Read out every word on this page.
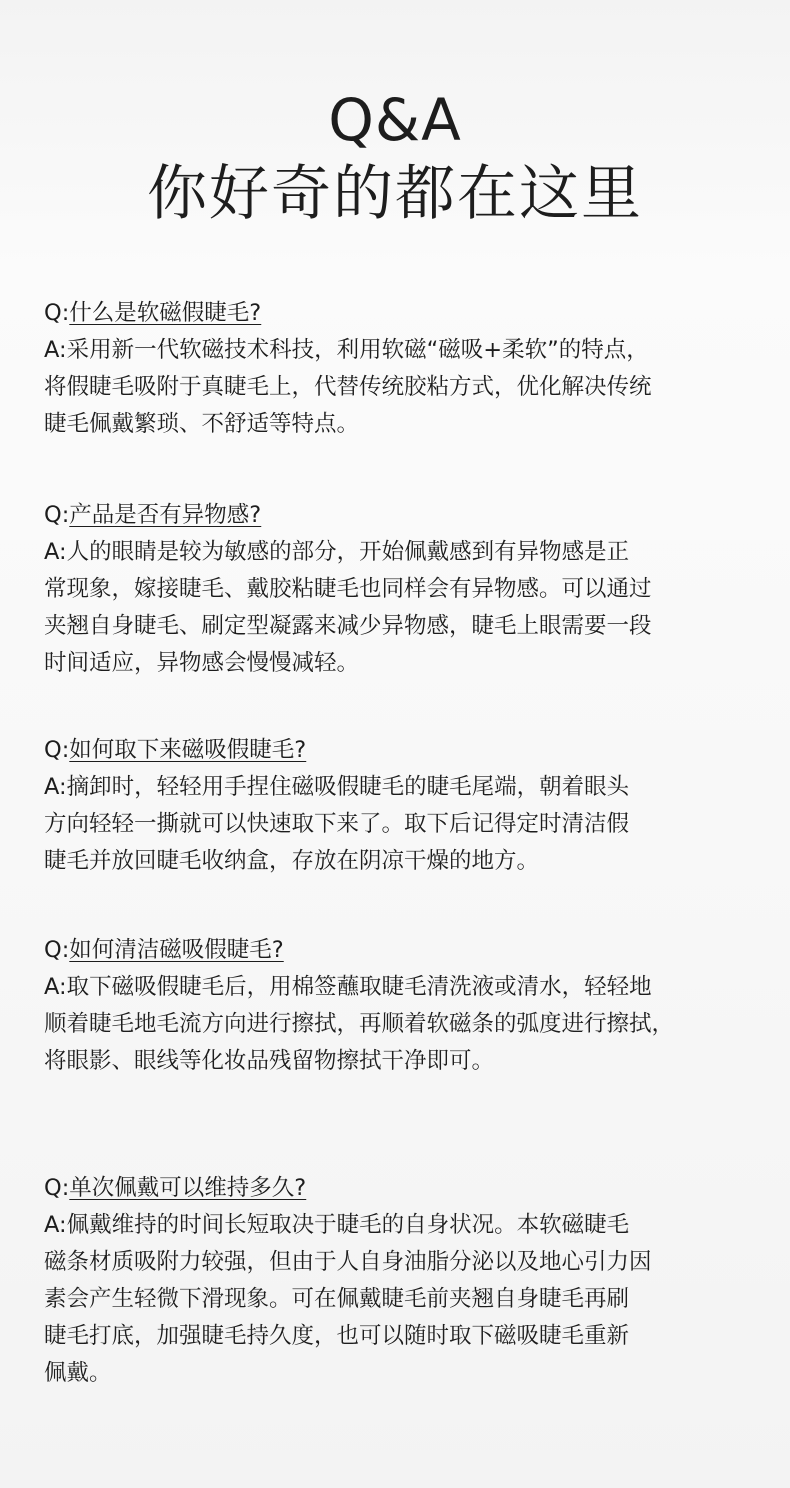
Q&A
你好奇的都在这里
Q:什么是软磁假睫毛?
A:采用新一代软磁技术科技，利用软磁“磁吸+柔软”的特点，
将假睫毛吸附于真睫毛上，代替传统胶粘方式，优化解决传统
睫毛佩戴繁琐、不舒适等特点。
Q:产品是否有异物感?
A:人的眼睛是较为敏感的部分，开始佩戴感到有异物感是正
常现象，嫁接睫毛、戴胶粘睫毛也同样会有异物感。可以通过
夹翘自身睫毛、刷定型凝露来减少异物感，睫毛上眼需要一段
时间适应，异物感会慢慢减轻。
Q:如何取下来磁吸假睫毛?
A:摘卸时，轻轻用手捏住磁吸假睫毛的睫毛尾端，朝着眼头
方向轻轻一撕就可以快速取下来了。取下后记得定时清洁假
睫毛并放回睫毛收纳盒，存放在阴凉干燥的地方。
Q:如何清洁磁吸假睫毛?
A:取下磁吸假睫毛后，用棉签蘸取睫毛清洗液或清水，轻轻地
顺着睫毛地毛流方向进行擦拭，再顺着软磁条的弧度进行擦拭，
将眼影、眼线等化妆品残留物擦拭干净即可。
Q:单次佩戴可以维持多久?
A:佩戴维持的时间长短取决于睫毛的自身状况。本软磁睫毛
磁条材质吸附力较强，但由于人自身油脂分泌以及地心引力因
素会产生轻微下滑现象。可在佩戴睫毛前夹翘自身睫毛再刷
睫毛打底，加强睫毛持久度，也可以随时取下磁吸睫毛重新
佩戴。
